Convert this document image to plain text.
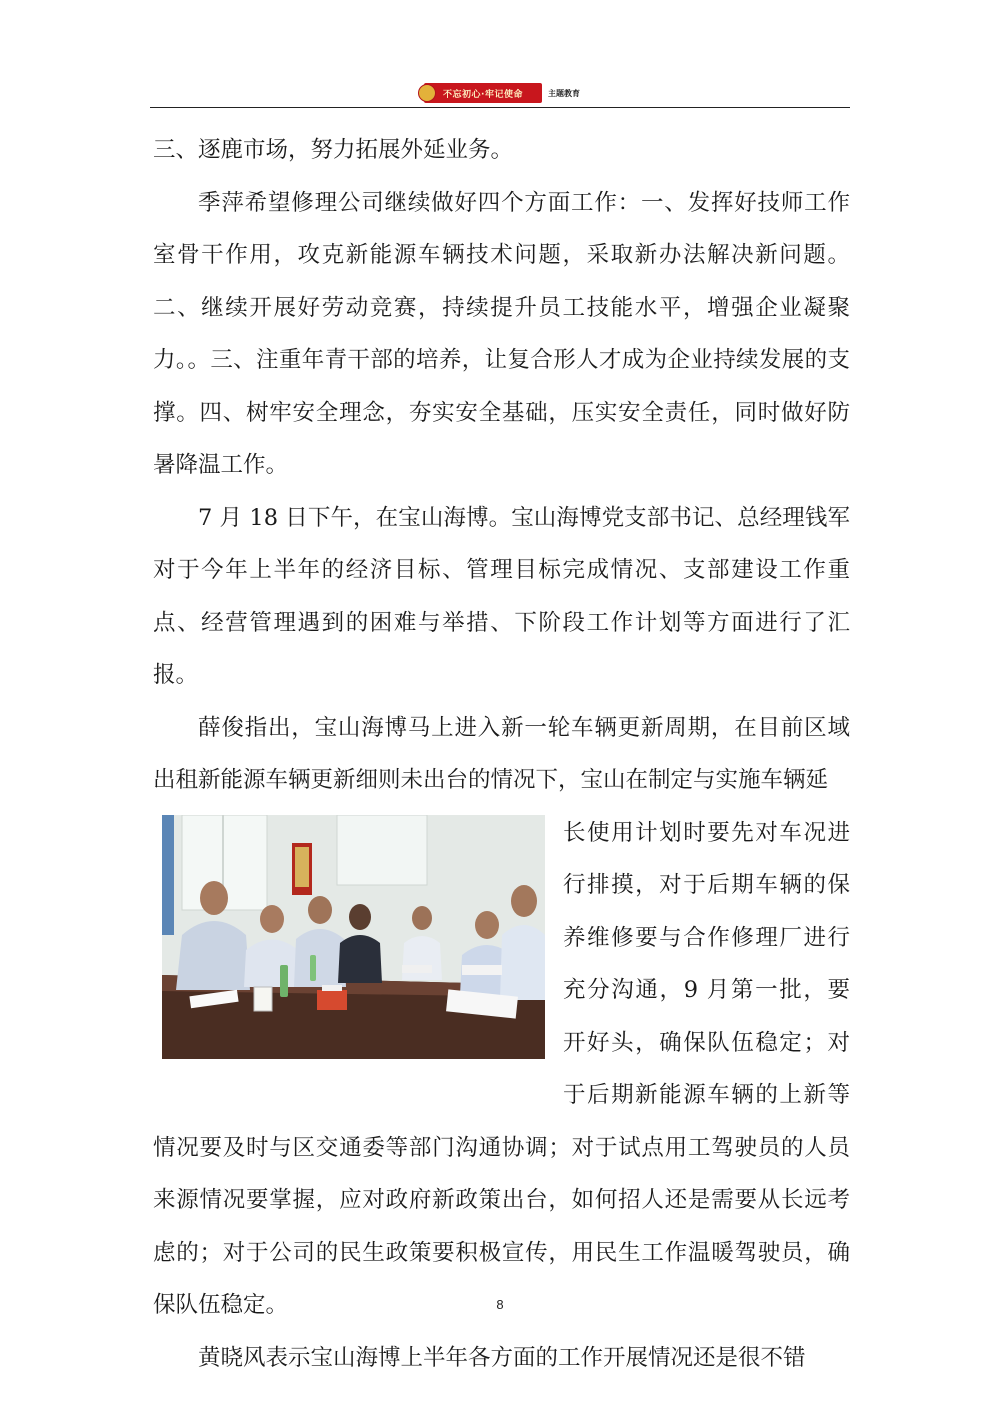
不忘初心·牢记使命	主题教育

三、逐鹿市场，努力拓展外延业务。

季萍希望修理公司继续做好四个方面工作：一、发挥好技师工作室骨干作用，攻克新能源车辆技术问题，采取新办法解决新问题。二、继续开展好劳动竞赛，持续提升员工技能水平，增强企业凝聚力。。三、注重年青干部的培养，让复合形人才成为企业持续发展的支撑。四、树牢安全理念，夯实安全基础，压实安全责任，同时做好防暑降温工作。

7 月 18 日下午，在宝山海博。宝山海博党支部书记、总经理钱军对于今年上半年的经济目标、管理目标完成情况、支部建设工作重点、经营管理遇到的困难与举措、下阶段工作计划等方面进行了汇报。

薛俊指出，宝山海博马上进入新一轮车辆更新周期，在目前区域出租新能源车辆更新细则未出台的情况下，宝山在制定与实施车辆延

长使用计划时要先对车况进行排摸，对于后期车辆的保养维修要与合作修理厂进行充分沟通，9 月第一批，要开好头，确保队伍稳定；对于后期新能源车辆的上新等情况要及时与区交通委等部门沟通协调；对于试点用工驾驶员的人员来源情况要掌握，应对政府新政策出台，如何招人还是需要从长远考虑的；对于公司的民生政策要积极宣传，用民生工作温暖驾驶员，确保队伍稳定。

黄晓风表示宝山海博上半年各方面的工作开展情况还是很不错

8
